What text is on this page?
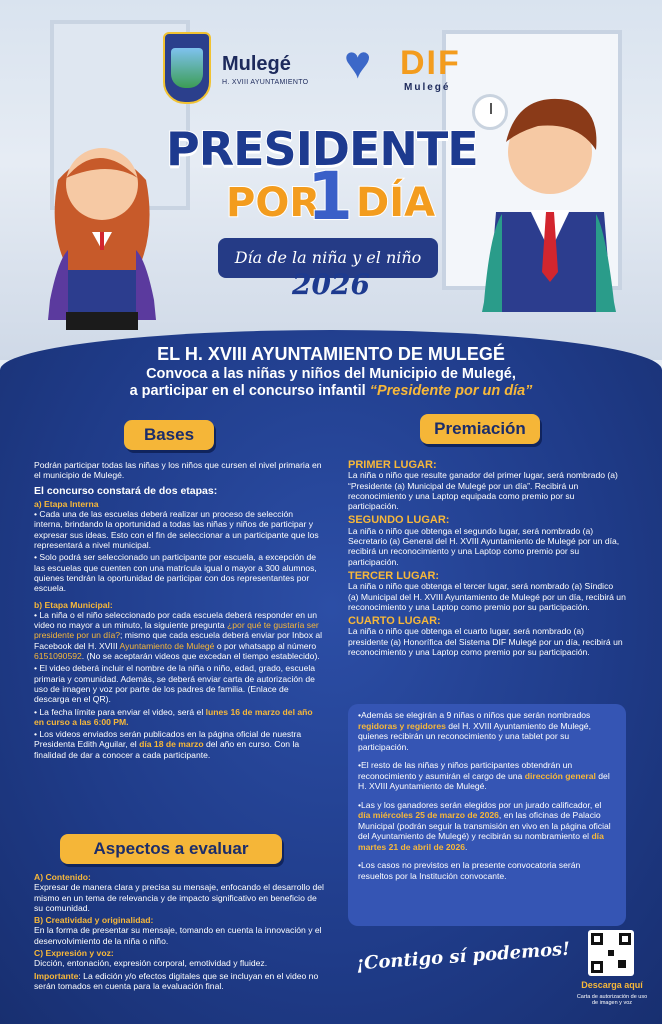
Mulegé
H. XVIII AYUNTAMIENTO ♥ DIF
Mulegé
PRESIDENTE
POR
1 DÍA
Día de la niña y el niño
2026
EL H. XVIII AYUNTAMIENTO DE MULEGÉ
Convoca a las niñas y niños del Municipio de Mulegé,
a participar en el concurso infantil “Presidente por un día”
Bases	Premiación

Podrán participar todas las niñas y los niños que cursen el nivel primaria en el municipio de Mulegé.

El concurso constará de dos etapas:
a) Etapa Interna

• Cada una de las escuelas deberá realizar un proceso de selección interna, brindando la oportunidad a todas las niñas y niños de participar y expresar sus ideas. Esto con el fin de seleccionar a un participante que los representará a nivel municipal.

• Solo podrá ser seleccionado un participante por escuela, a excepción de las escuelas que cuenten con una matrícula igual o mayor a 300 alumnos, quienes tendrán la oportunidad de participar con dos representantes por escuela.

b) Etapa Municipal:

• La niña o el niño seleccionado por cada escuela deberá responder en un video no mayor a un minuto, la siguiente pregunta ¿por qué te gustaría ser presidente por un día?; mismo que cada escuela deberá enviar por Inbox al Facebook del H. XVIII Ayuntamiento de Mulegé o por whatsapp al número 6151090592. (No se aceptarán videos que excedan el tiempo establecido).

• El video deberá incluir el nombre de la niña o niño, edad, grado, escuela primaria y comunidad. Además, se deberá enviar carta de autorización de uso de imagen y voz por parte de los padres de familia. (Enlace de descarga en el QR).

• La fecha límite para enviar el video, será el lunes 16 de marzo del año en curso a las 6:00 PM.

• Los videos enviados serán publicados en la página oficial de nuestra Presidenta Edith Aguilar, el día 18 de marzo del año en curso. Con la finalidad de dar a conocer a cada participante.

Aspectos a evaluar
A) Contenido:

Expresar de manera clara y precisa su mensaje, enfocando el desarrollo del mismo en un tema de relevancia y de impacto significativo en beneficio de su comunidad.

B) Creatividad y originalidad:

En la forma de presentar su mensaje, tomando en cuenta la innovación y el desenvolvimiento de la niña o niño.

C) Expresión y voz:

Dicción, entonación, expresión corporal, emotividad y fluidez.

Importante: La edición y/o efectos digitales que se incluyan en el video no serán tomados en cuenta para la evaluación final.

PRIMER LUGAR:

La niña o niño que resulte ganador del primer lugar, será nombrado (a) “Presidente (a) Municipal de Mulegé por un día”. Recibirá un reconocimiento y una Laptop equipada como premio por su participación.

SEGUNDO LUGAR:

La niña o niño que obtenga el segundo lugar, será nombrado (a) Secretario (a) General del H. XVIII Ayuntamiento de Mulegé por un día, recibirá un reconocimiento y una Laptop como premio por su participación.

TERCER LUGAR:

La niña o niño que obtenga el tercer lugar, será nombrado (a) Síndico (a) Municipal del H. XVIII Ayuntamiento de Mulegé por un día, recibirá un reconocimiento y una Laptop como premio por su participación.

CUARTO LUGAR:

La niña o niño que obtenga el cuarto lugar, será nombrado (a) presidente (a) Honorífica del Sistema DIF Mulegé por un día, recibirá un reconocimiento y una Laptop como premio por su participación.

•Además se elegirán a 9 niñas o niños que serán nombrados regidoras y regidores del H. XVIII Ayuntamiento de Mulegé, quienes recibirán un reconocimiento y una tablet por su participación.

•El resto de las niñas y niños participantes obtendrán un reconocimiento y asumirán el cargo de una dirección general del H. XVIII Ayuntamiento de Mulegé.

•Las y los ganadores serán elegidos por un jurado calificador, el día miércoles 25 de marzo de 2026, en las oficinas de Palacio Municipal (podrán seguir la transmisión en vivo en la página oficial del Ayuntamiento de Mulegé) y recibirán su nombramiento el día martes 21 de abril de 2026.

•Los casos no previstos en la presente convocatoria serán resueltos por la Institución convocante.

¡Contigo sí podemos!
Descarga aquí
Carta de autorización de uso de imagen y voz
